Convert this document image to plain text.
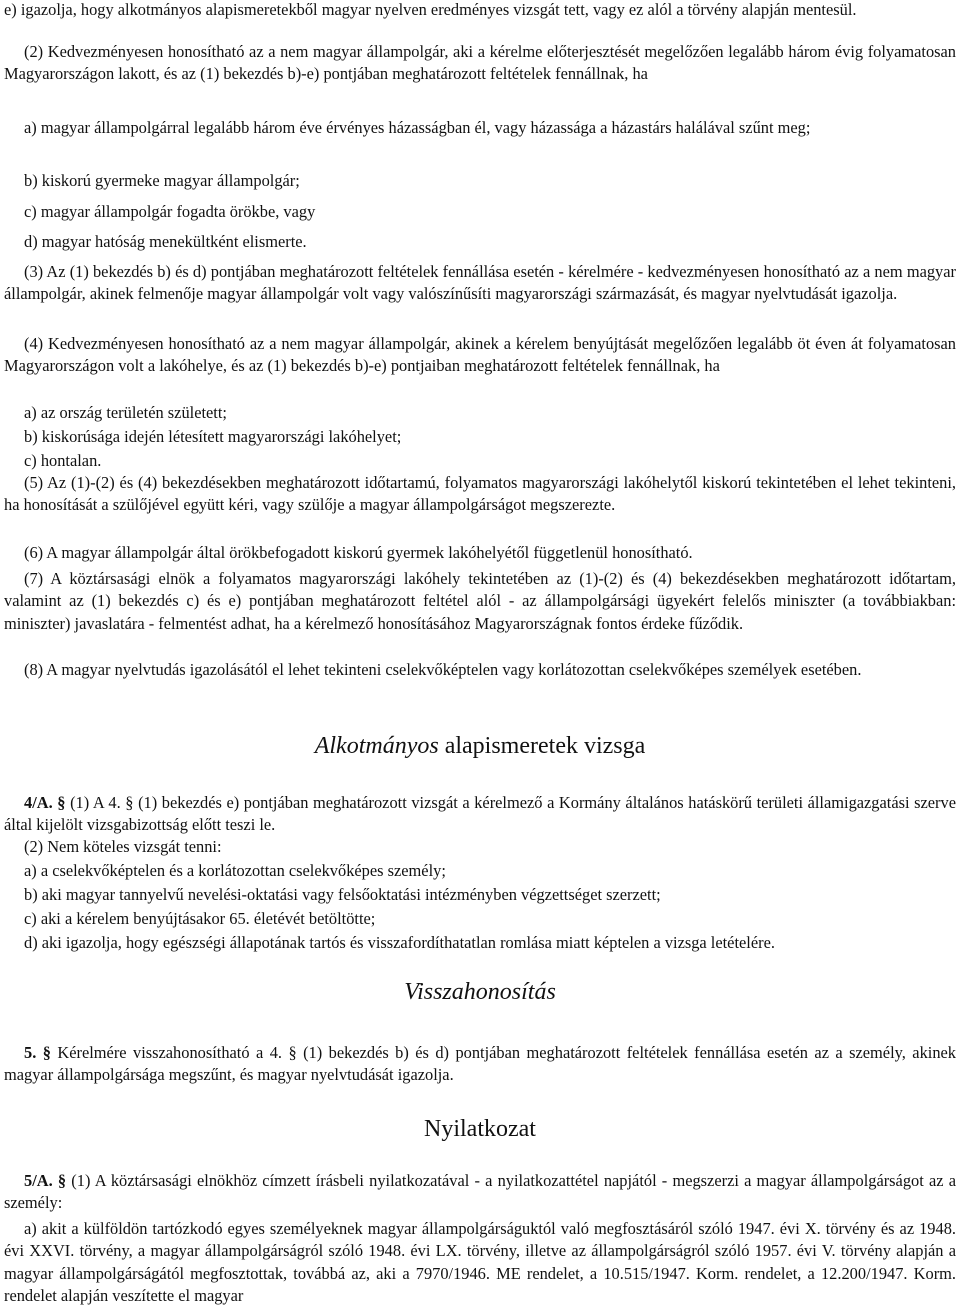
e) igazolja, hogy alkotmányos alapismeretekből magyar nyelven eredményes vizsgát tett, vagy ez alól a törvény alapján mentesül.

(2) Kedvezményesen honosítható az a nem magyar állampolgár, aki a kérelme előterjesztését megelőzően legalább három évig folyamatosan Magyarországon lakott, és az (1) bekezdés b)-e) pontjában meghatározott feltételek fennállnak, ha

a) magyar állampolgárral legalább három éve érvényes házasságban él, vagy házassága a házastárs halálával szűnt meg;

b) kiskorú gyermeke magyar állampolgár;

c) magyar állampolgár fogadta örökbe, vagy

d) magyar hatóság menekültként elismerte.

(3) Az (1) bekezdés b) és d) pontjában meghatározott feltételek fennállása esetén - kérelmére - kedvezményesen honosítható az a nem magyar állampolgár, akinek felmenője magyar állampolgár volt vagy valószínűsíti magyarországi származását, és magyar nyelvtudását igazolja.

(4) Kedvezményesen honosítható az a nem magyar állampolgár, akinek a kérelem benyújtását megelőzően legalább öt éven át folyamatosan Magyarországon volt a lakóhelye, és az (1) bekezdés b)-e) pontjaiban meghatározott feltételek fennállnak, ha

a) az ország területén született;

b) kiskorúsága idején létesített magyarországi lakóhelyet;

c) hontalan.

(5) Az (1)-(2) és (4) bekezdésekben meghatározott időtartamú, folyamatos magyarországi lakóhelytől kiskorú tekintetében el lehet tekinteni, ha honosítását a szülőjével együtt kéri, vagy szülője a magyar állampolgárságot megszerezte.

(6) A magyar állampolgár által örökbefogadott kiskorú gyermek lakóhelyétől függetlenül honosítható.

(7) A köztársasági elnök a folyamatos magyarországi lakóhely tekintetében az (1)-(2) és (4) bekezdésekben meghatározott időtartam, valamint az (1) bekezdés c) és e) pontjában meghatározott feltétel alól - az állampolgársági ügyekért felelős miniszter (a továbbiakban: miniszter) javaslatára - felmentést adhat, ha a kérelmező honosításához Magyarországnak fontos érdeke fűződik.

(8) A magyar nyelvtudás igazolásától el lehet tekinteni cselekvőképtelen vagy korlátozottan cselekvőképes személyek esetében.

Alkotmányos alapismeretek vizsga

4/A. § (1) A 4. § (1) bekezdés e) pontjában meghatározott vizsgát a kérelmező a Kormány általános hatáskörű területi államigazgatási szerve által kijelölt vizsgabizottság előtt teszi le.

(2) Nem köteles vizsgát tenni:

a) a cselekvőképtelen és a korlátozottan cselekvőképes személy;

b) aki magyar tannyelvű nevelési-oktatási vagy felsőoktatási intézményben végzettséget szerzett;

c) aki a kérelem benyújtásakor 65. életévét betöltötte;

d) aki igazolja, hogy egészségi állapotának tartós és visszafordíthatatlan romlása miatt képtelen a vizsga letételére.

Visszahonosítás

5. § Kérelmére visszahonosítható a 4. § (1) bekezdés b) és d) pontjában meghatározott feltételek fennállása esetén az a személy, akinek magyar állampolgársága megszűnt, és magyar nyelvtudását igazolja.

Nyilatkozat

5/A. § (1) A köztársasági elnökhöz címzett írásbeli nyilatkozatával - a nyilatkozattétel napjától - megszerzi a magyar állampolgárságot az a személy:

a) akit a külföldön tartózkodó egyes személyeknek magyar állampolgárságuktól való megfosztásáról szóló 1947. évi X. törvény és az 1948. évi XXVI. törvény, a magyar állampolgárságról szóló 1948. évi LX. törvény, illetve az állampolgárságról szóló 1957. évi V. törvény alapján a magyar állampolgárságától megfosztottak, továbbá az, aki a 7970/1946. ME rendelet, a 10.515/1947. Korm. rendelet, a 12.200/1947. Korm. rendelet alapján veszítette el magyar
